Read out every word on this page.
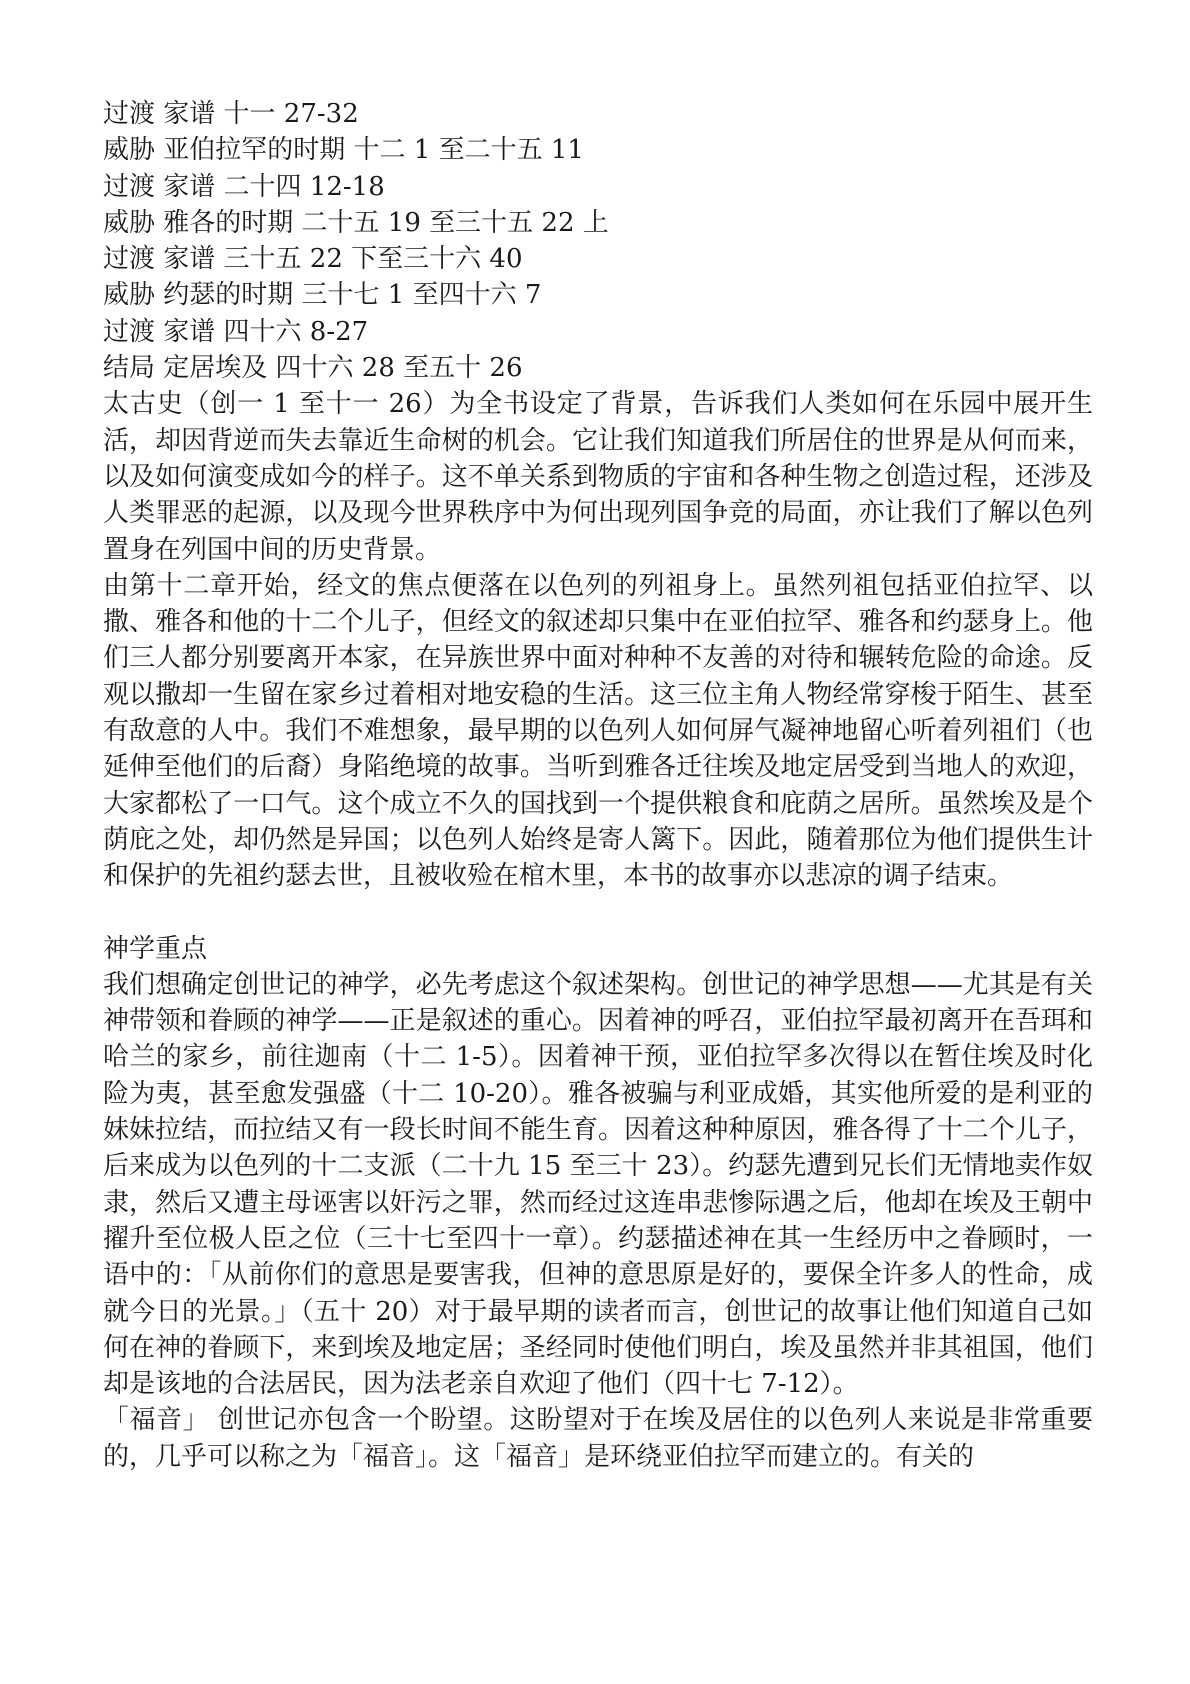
过渡 家谱 十一 27-32
威胁 亚伯拉罕的时期 十二 1 至二十五 11
过渡 家谱 二十四 12-18
威胁 雅各的时期 二十五 19 至三十五 22 上
过渡 家谱 三十五 22 下至三十六 40
威胁 约瑟的时期 三十七 1 至四十六 7
过渡 家谱 四十六 8-27
结局 定居埃及 四十六 28 至五十 26

太古史（创一 1 至十一 26）为全书设定了背景，告诉我们人类如何在乐园中展开生活，却因背逆而失去靠近生命树的机会。它让我们知道我们所居住的世界是从何而来，以及如何演变成如今的样子。这不单关系到物质的宇宙和各种生物之创造过程，还涉及人类罪恶的起源，以及现今世界秩序中为何出现列国争竞的局面，亦让我们了解以色列置身在列国中间的历史背景。

由第十二章开始，经文的焦点便落在以色列的列祖身上。虽然列祖包括亚伯拉罕、以撒、雅各和他的十二个儿子，但经文的叙述却只集中在亚伯拉罕、雅各和约瑟身上。他们三人都分别要离开本家，在异族世界中面对种种不友善的对待和辗转危险的命途。反观以撒却一生留在家乡过着相对地安稳的生活。这三位主角人物经常穿梭于陌生、甚至有敌意的人中。我们不难想象，最早期的以色列人如何屏气凝神地留心听着列祖们（也延伸至他们的后裔）身陷绝境的故事。当听到雅各迁往埃及地定居受到当地人的欢迎，大家都松了一口气。这个成立不久的国找到一个提供粮食和庇荫之居所。虽然埃及是个荫庇之处，却仍然是异国；以色列人始终是寄人篱下。因此，随着那位为他们提供生计和保护的先祖约瑟去世，且被收殓在棺木里，本书的故事亦以悲凉的调子结束。

神学重点

我们想确定创世记的神学，必先考虑这个叙述架构。创世记的神学思想——尤其是有关神带领和眷顾的神学——正是叙述的重心。因着神的呼召，亚伯拉罕最初离开在吾珥和哈兰的家乡，前往迦南（十二 1-5）。因着神干预，亚伯拉罕多次得以在暂住埃及时化险为夷，甚至愈发强盛（十二 10-20）。雅各被骗与利亚成婚，其实他所爱的是利亚的妹妹拉结，而拉结又有一段长时间不能生育。因着这种种原因，雅各得了十二个儿子，后来成为以色列的十二支派（二十九 15 至三十 23）。约瑟先遭到兄长们无情地卖作奴隶，然后又遭主母诬害以奸污之罪，然而经过这连串悲惨际遇之后，他却在埃及王朝中擢升至位极人臣之位（三十七至四十一章）。约瑟描述神在其一生经历中之眷顾时，一语中的：「从前你们的意思是要害我，但神的意思原是好的，要保全许多人的性命，成就今日的光景。」（五十 20）对于最早期的读者而言，创世记的故事让他们知道自己如何在神的眷顾下，来到埃及地定居；圣经同时使他们明白，埃及虽然并非其祖国，他们却是该地的合法居民，因为法老亲自欢迎了他们（四十七 7-12）。

「福音」 创世记亦包含一个盼望。这盼望对于在埃及居住的以色列人来说是非常重要的，几乎可以称之为「福音」。这「福音」是环绕亚伯拉罕而建立的。有关的
